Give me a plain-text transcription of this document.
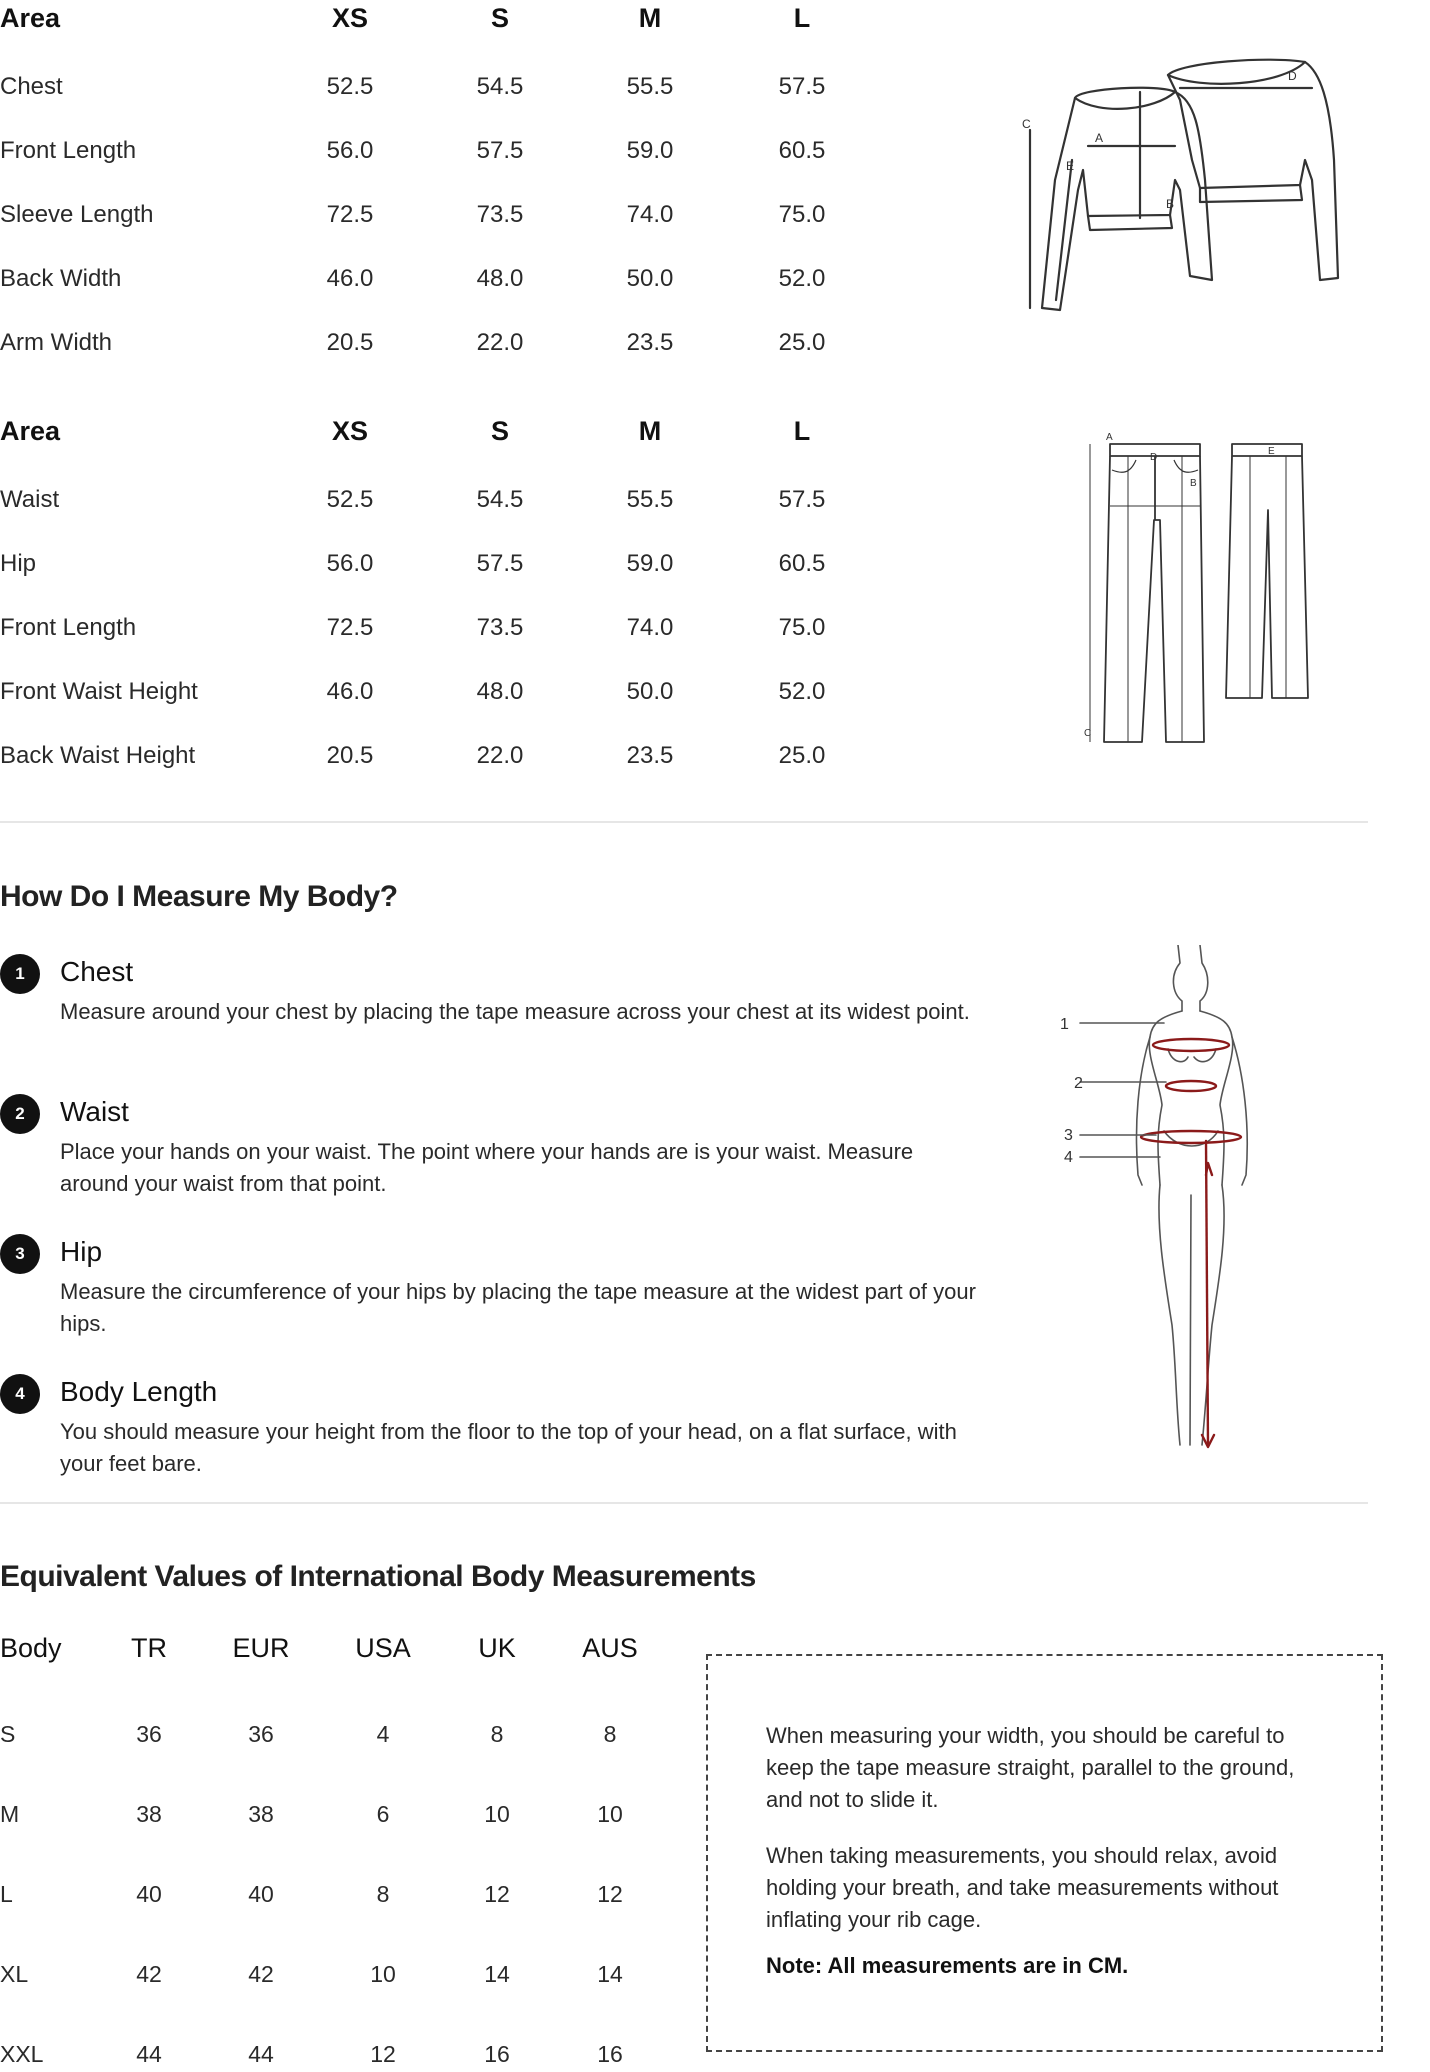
Area	XS	S	M	L
Chest	52.5	54.5	55.5	57.5
Front Length	56.0	57.5	59.0	60.5
Sleeve Length	72.5	73.5	74.0	75.0
Back Width	46.0	48.0	50.0	52.0
Arm Width	20.5	22.0	23.5	25.0
C
A
E
B
D
Area	XS	S	M	L
Waist	52.5	54.5	55.5	57.5
Hip	56.0	57.5	59.0	60.5
Front Length	72.5	73.5	74.0	75.0
Front Waist Height	46.0	48.0	50.0	52.0
Back Waist Height	20.5	22.0	23.5	25.0
A
D
B
C
E
How Do I Measure My Body?
1	Chest

Measure around your chest by placing the tape measure across your chest at its widest point.

2	Waist

Place your hands on your waist. The point where your hands are is your waist. Measure around your waist from that point.

3	Hip

Measure the circumference of your hips by placing the tape measure at the widest part of your hips.

4	Body Length

You should measure your height from the floor to the top of your head, on a flat surface, with your feet bare.

1
2
3
4
Equivalent Values of International Body Measurements
Body	TR	EUR	USA	UK	AUS
S	36	36	4	8	8
M	38	38	6	10	10
L	40	40	8	12	12
XL	42	42	10	14	14
XXL	44	44	12	16	16

When measuring your width, you should be careful to keep the tape measure straight, parallel to the ground, and not to slide it.

When taking measurements, you should relax, avoid holding your breath, and take measurements without inflating your rib cage.

Note: All measurements are in CM.
